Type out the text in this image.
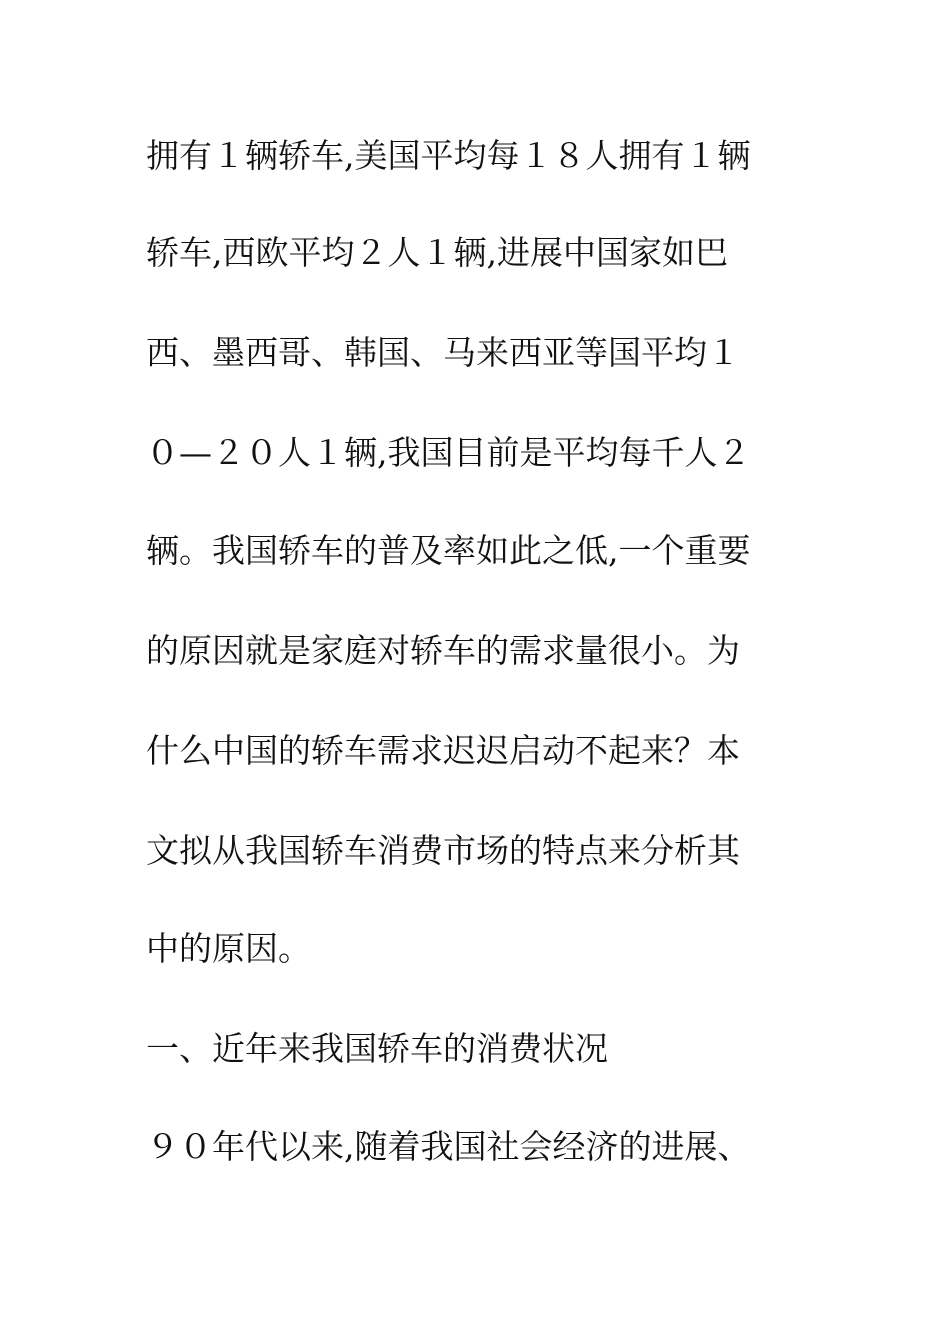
拥有１辆轿车,美国平均每１８人拥有１辆
轿车,西欧平均２人１辆,进展中国家如巴
西、墨西哥、韩国、马来西亚等国平均１
０—２０人１辆,我国目前是平均每千人２
辆。我国轿车的普及率如此之低,一个重要
的原因就是家庭对轿车的需求量很小。为
什么中国的轿车需求迟迟启动不起来？本
文拟从我国轿车消费市场的特点来分析其
中的原因。
一、近年来我国轿车的消费状况
９０年代以来,随着我国社会经济的进展、
